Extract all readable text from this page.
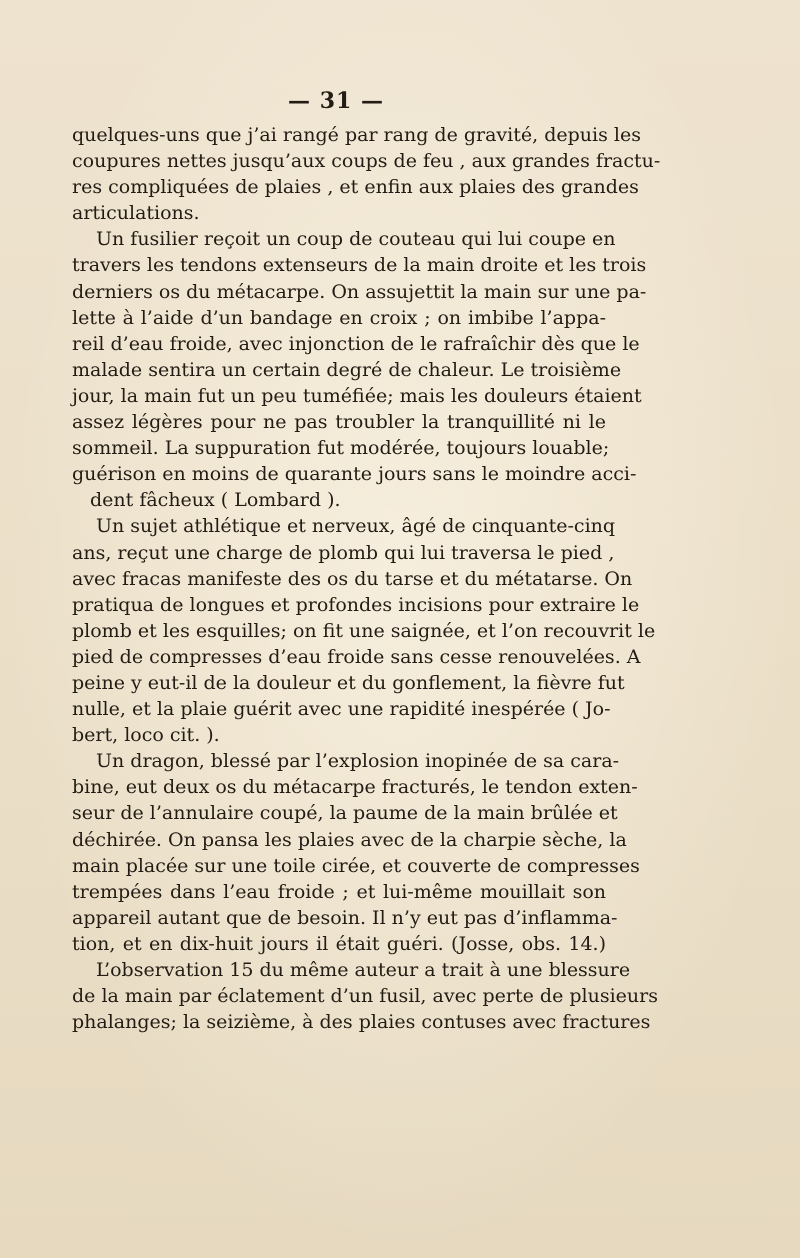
— 31 —
quelques-uns que j’ai rangé par rang de gravité, depuis les
coupures nettes jusqu’aux coups de feu , aux grandes fractu-
res compliquées de plaies , et enfin aux plaies des grandes
articulations.
Un fusilier reçoit un coup de couteau qui lui coupe en
travers les tendons extenseurs de la main droite et les trois
derniers os du métacarpe. On assujettit la main sur une pa-
lette à l’aide d’un bandage en croix ; on imbibe l’appa-
reil d’eau froide, avec injonction de le rafraîchir dès que le
malade sentira un certain degré de chaleur. Le troisième
jour, la main fut un peu tuméfiée; mais les douleurs étaient
assez légères pour ne pas troubler la tranquillité ni le
sommeil. La suppuration fut modérée, toujours louable;
guérison en moins de quarante jours sans le moindre acci-
dent fâcheux ( Lombard ).
Un sujet athlétique et nerveux, âgé de cinquante-cinq
ans, reçut une charge de plomb qui lui traversa le pied ,
avec fracas manifeste des os du tarse et du métatarse. On
pratiqua de longues et profondes incisions pour extraire le
plomb et les esquilles; on fit une saignée, et l’on recouvrit le
pied de compresses d’eau froide sans cesse renouvelées. A
peine y eut-il de la douleur et du gonflement, la fièvre fut
nulle, et la plaie guérit avec une rapidité inespérée ( Jo-
bert, loco cit. ).
Un dragon, blessé par l’explosion inopinée de sa cara-
bine, eut deux os du métacarpe fracturés, le tendon exten-
seur de l’annulaire coupé, la paume de la main brûlée et
déchirée. On pansa les plaies avec de la charpie sèche, la
main placée sur une toile cirée, et couverte de compresses
trempées dans l’eau froide ; et lui-même mouillait son
appareil autant que de besoin. Il n’y eut pas d’inflamma-
tion, et en dix-huit jours il était guéri. (Josse, obs. 14.)
L’observation 15 du même auteur a trait à une blessure
de la main par éclatement d’un fusil, avec perte de plusieurs
phalanges; la seizième, à des plaies contuses avec fractures
